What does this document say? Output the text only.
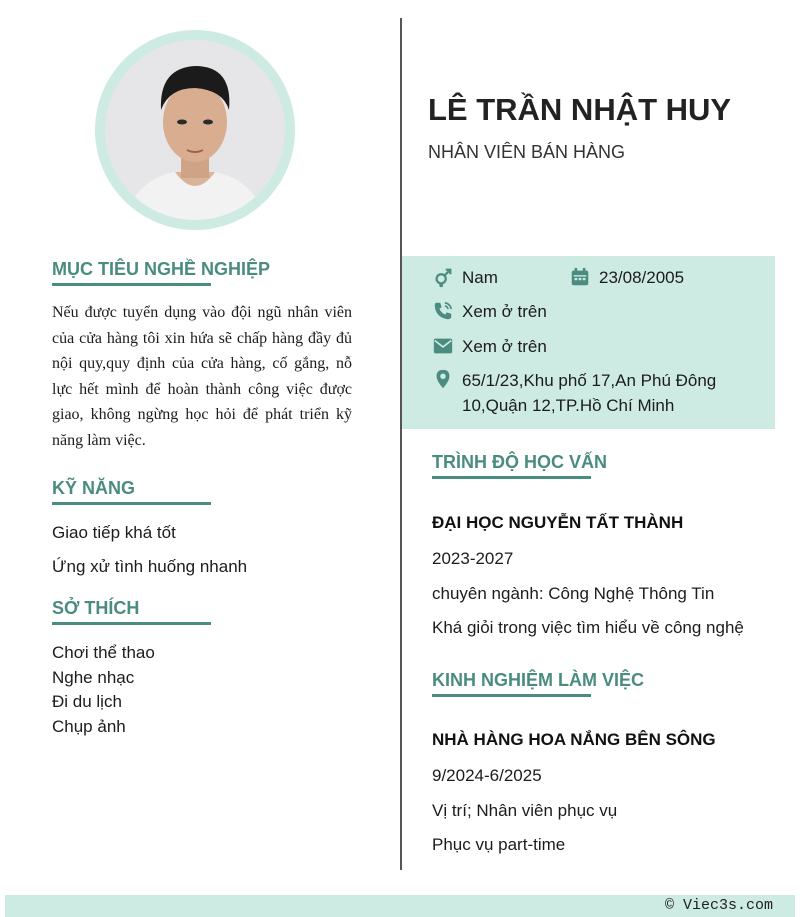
MỤC TIÊU NGHỀ NGHIỆP
Nếu được tuyển dụng vào đội ngũ nhân viên của cửa hàng tôi xin hứa sẽ chấp hàng đầy đủ nội quy,quy định của cửa hàng, cố gắng, nỗ lực hết mình để hoàn thành công việc được giao, không ngừng học hỏi để phát triển kỹ năng làm việc.
KỸ NĂNG
Giao tiếp khá tốt
Ứng xử tình huống nhanh
SỞ THÍCH
Chơi thể thao
Nghe nhạc
Đi du lịch
Chụp ảnh
LÊ TRẦN NHẬT HUY
NHÂN VIÊN BÁN HÀNG
Nam	23/08/2005
Xem ở trên
Xem ở trên
65/1/23,Khu phố 17,An Phú Đông
10,Quận 12,TP.Hồ Chí Minh
TRÌNH ĐỘ HỌC VẤN
ĐẠI HỌC NGUYỄN TẤT THÀNH
2023-2027
chuyên ngành: Công Nghệ Thông Tin
Khá giỏi trong việc tìm hiểu về công nghệ
KINH NGHIỆM LÀM VIỆC
NHÀ HÀNG HOA NẮNG BÊN SÔNG
9/2024-6/2025
Vị trí; Nhân viên phục vụ
Phục vụ part-time
© Viec3s.com
